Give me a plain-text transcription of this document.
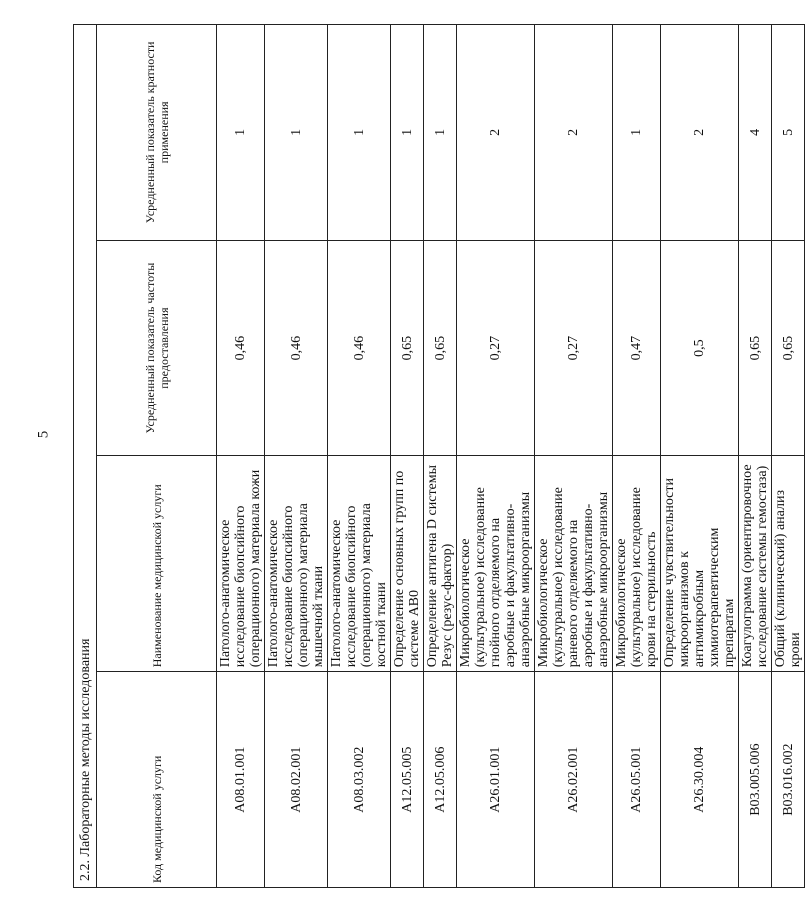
5
2.2. Лабораторные методы исследования			
Код медицинской услуги	Наименование медицинской услуги	Усредненный показатель частоты предоставления	Усредненный показатель кратности применения
А08.01.001	Патолого-анатомическое исследование биопсийного (операционного) материала кожи	0,46	1
А08.02.001	Патолого-анатомическое исследование биопсийного (операционного) материала мышечной ткани	0,46	1
А08.03.002	Патолого-анатомическое исследование биопсийного (операционного) материала костной ткани	0,46	1
А12.05.005	Определение основных групп по системе AB0	0,65	1
А12.05.006	Определение антигена D системы Резус (резус-фактор)	0,65	1
А26.01.001	Микробиологическое (культуральное) исследование гнойного отделяемого на аэробные и факультативно-анаэробные микроорганизмы	0,27	2
А26.02.001	Микробиологическое (культуральное) исследование раневого отделяемого на аэробные и факультативно-анаэробные микроорганизмы	0,27	2
А26.05.001	Микробиологическое (культуральное) исследование крови на стерильность	0,47	1
А26.30.004	Определение чувствительности микроорганизмов к антимикробным химиотерапевтическим препаратам	0,5	2
В03.005.006	Коагулограмма (ориентировочное исследование системы гемостаза)	0,65	4
В03.016.002	Общий (клинический) анализ крови	0,65	5
